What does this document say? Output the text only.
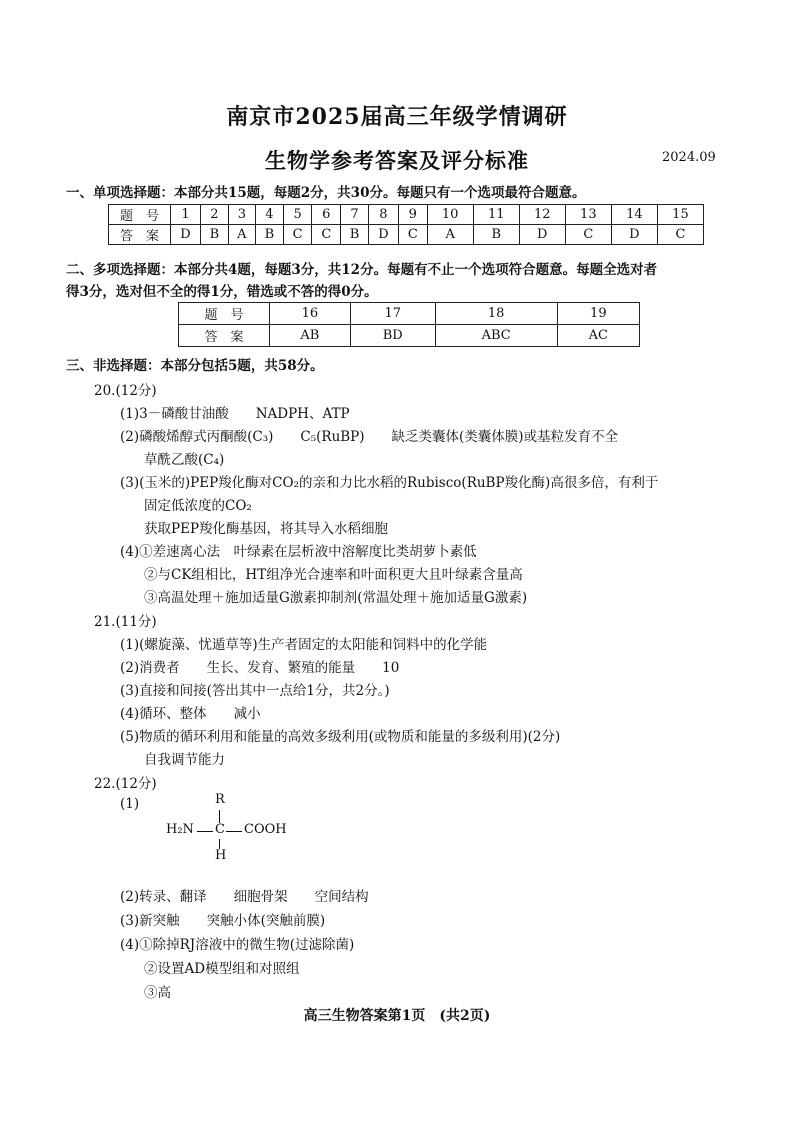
南京市2025届高三年级学情调研
生物学参考答案及评分标准	2024.09
一、单项选择题：本部分共15题，每题2分，共30分。每题只有一个选项最符合题意。
题　号	1	2	3	4	5	6	7	8	9	10	11	12	13	14	15
答　案	D	B	A	B	C	C	B	D	C	A	B	D	C	D	C
二、多项选择题：本部分共4题，每题3分，共12分。每题有不止一个选项符合题意。每题全选对者
得3分，选对但不全的得1分，错选或不答的得0分。
题　号	16	17	18	19
答　案	AB	BD	ABC	AC
三、非选择题：本部分包括5题，共58分。
20.(12分)
(1)3－磷酸甘油酸　　NADPH、ATP
(2)磷酸烯醇式丙酮酸(C₃)　　C₅(RuBP)　　缺乏类囊体(类囊体膜)或基粒发育不全
草酰乙酸(C₄)
(3)(玉米的)PEP羧化酶对CO₂的亲和力比水稻的Rubisco(RuBP羧化酶)高很多倍，有利于
固定低浓度的CO₂
获取PEP羧化酶基因，将其导入水稻细胞
(4)①差速离心法　叶绿素在层析液中溶解度比类胡萝卜素低
②与CK组相比，HT组净光合速率和叶面积更大且叶绿素含量高
③高温处理＋施加适量G激素抑制剂(常温处理＋施加适量G激素)
21.(11分)
(1)(螺旋藻、忧遁草等)生产者固定的太阳能和饲料中的化学能
(2)消费者　　生长、发育、繁殖的能量　　10
(3)直接和间接(答出其中一点给1分，共2分。)
(4)循环、整体　　减小
(5)物质的循环利用和能量的高效多级利用(或物质和能量的多级利用)(2分)
自我调节能力
22.(12分)
(1)	R
H₂N C COOH
H
(2)转录、翻译　　细胞骨架　　空间结构
(3)新突触　　突触小体(突触前膜)
(4)①除掉RJ溶液中的微生物(过滤除菌)
②设置AD模型组和对照组
③高
高三生物答案第1页　(共2页)
